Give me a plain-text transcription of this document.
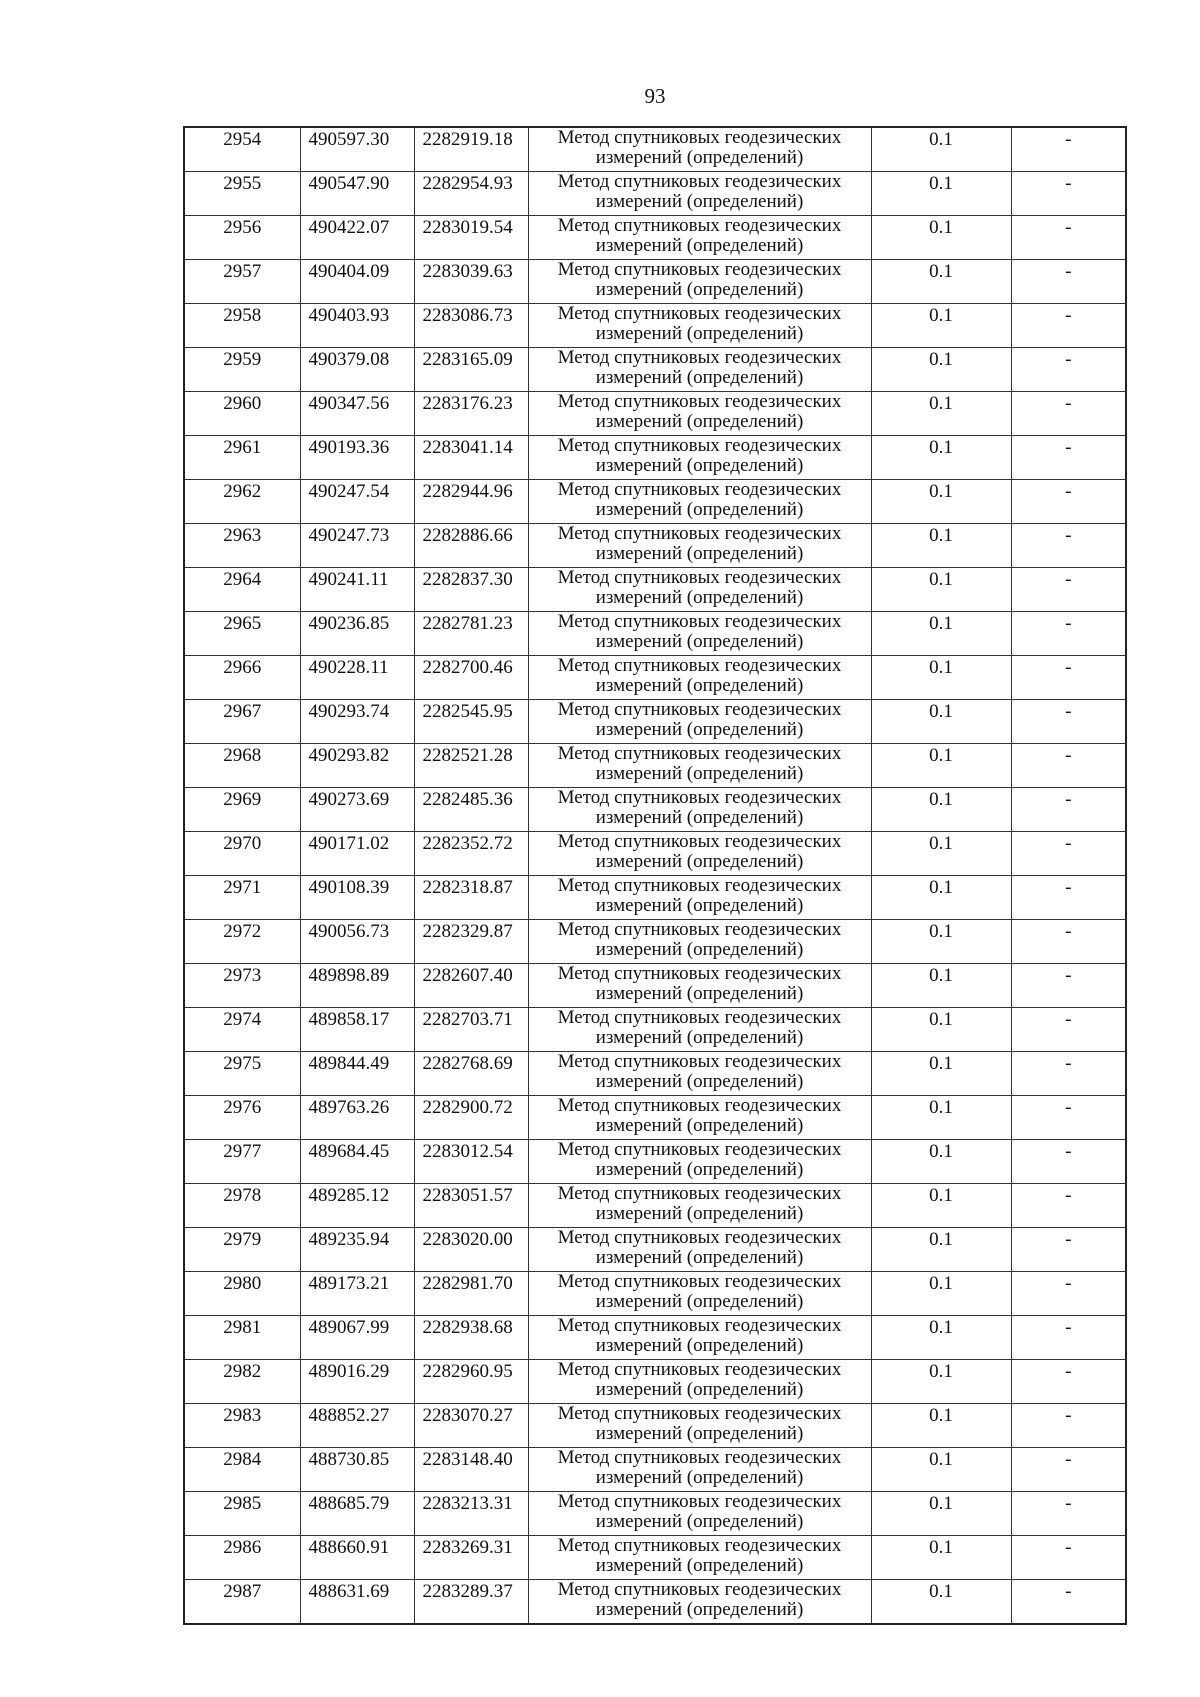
93
2954	490597.30	2282919.18	Метод спутниковых геодезических
измерений (определений)	0.1	-
2955	490547.90	2282954.93	Метод спутниковых геодезических
измерений (определений)	0.1	-
2956	490422.07	2283019.54	Метод спутниковых геодезических
измерений (определений)	0.1	-
2957	490404.09	2283039.63	Метод спутниковых геодезических
измерений (определений)	0.1	-
2958	490403.93	2283086.73	Метод спутниковых геодезических
измерений (определений)	0.1	-
2959	490379.08	2283165.09	Метод спутниковых геодезических
измерений (определений)	0.1	-
2960	490347.56	2283176.23	Метод спутниковых геодезических
измерений (определений)	0.1	-
2961	490193.36	2283041.14	Метод спутниковых геодезических
измерений (определений)	0.1	-
2962	490247.54	2282944.96	Метод спутниковых геодезических
измерений (определений)	0.1	-
2963	490247.73	2282886.66	Метод спутниковых геодезических
измерений (определений)	0.1	-
2964	490241.11	2282837.30	Метод спутниковых геодезических
измерений (определений)	0.1	-
2965	490236.85	2282781.23	Метод спутниковых геодезических
измерений (определений)	0.1	-
2966	490228.11	2282700.46	Метод спутниковых геодезических
измерений (определений)	0.1	-
2967	490293.74	2282545.95	Метод спутниковых геодезических
измерений (определений)	0.1	-
2968	490293.82	2282521.28	Метод спутниковых геодезических
измерений (определений)	0.1	-
2969	490273.69	2282485.36	Метод спутниковых геодезических
измерений (определений)	0.1	-
2970	490171.02	2282352.72	Метод спутниковых геодезических
измерений (определений)	0.1	-
2971	490108.39	2282318.87	Метод спутниковых геодезических
измерений (определений)	0.1	-
2972	490056.73	2282329.87	Метод спутниковых геодезических
измерений (определений)	0.1	-
2973	489898.89	2282607.40	Метод спутниковых геодезических
измерений (определений)	0.1	-
2974	489858.17	2282703.71	Метод спутниковых геодезических
измерений (определений)	0.1	-
2975	489844.49	2282768.69	Метод спутниковых геодезических
измерений (определений)	0.1	-
2976	489763.26	2282900.72	Метод спутниковых геодезических
измерений (определений)	0.1	-
2977	489684.45	2283012.54	Метод спутниковых геодезических
измерений (определений)	0.1	-
2978	489285.12	2283051.57	Метод спутниковых геодезических
измерений (определений)	0.1	-
2979	489235.94	2283020.00	Метод спутниковых геодезических
измерений (определений)	0.1	-
2980	489173.21	2282981.70	Метод спутниковых геодезических
измерений (определений)	0.1	-
2981	489067.99	2282938.68	Метод спутниковых геодезических
измерений (определений)	0.1	-
2982	489016.29	2282960.95	Метод спутниковых геодезических
измерений (определений)	0.1	-
2983	488852.27	2283070.27	Метод спутниковых геодезических
измерений (определений)	0.1	-
2984	488730.85	2283148.40	Метод спутниковых геодезических
измерений (определений)	0.1	-
2985	488685.79	2283213.31	Метод спутниковых геодезических
измерений (определений)	0.1	-
2986	488660.91	2283269.31	Метод спутниковых геодезических
измерений (определений)	0.1	-
2987	488631.69	2283289.37	Метод спутниковых геодезических
измерений (определений)	0.1	-
